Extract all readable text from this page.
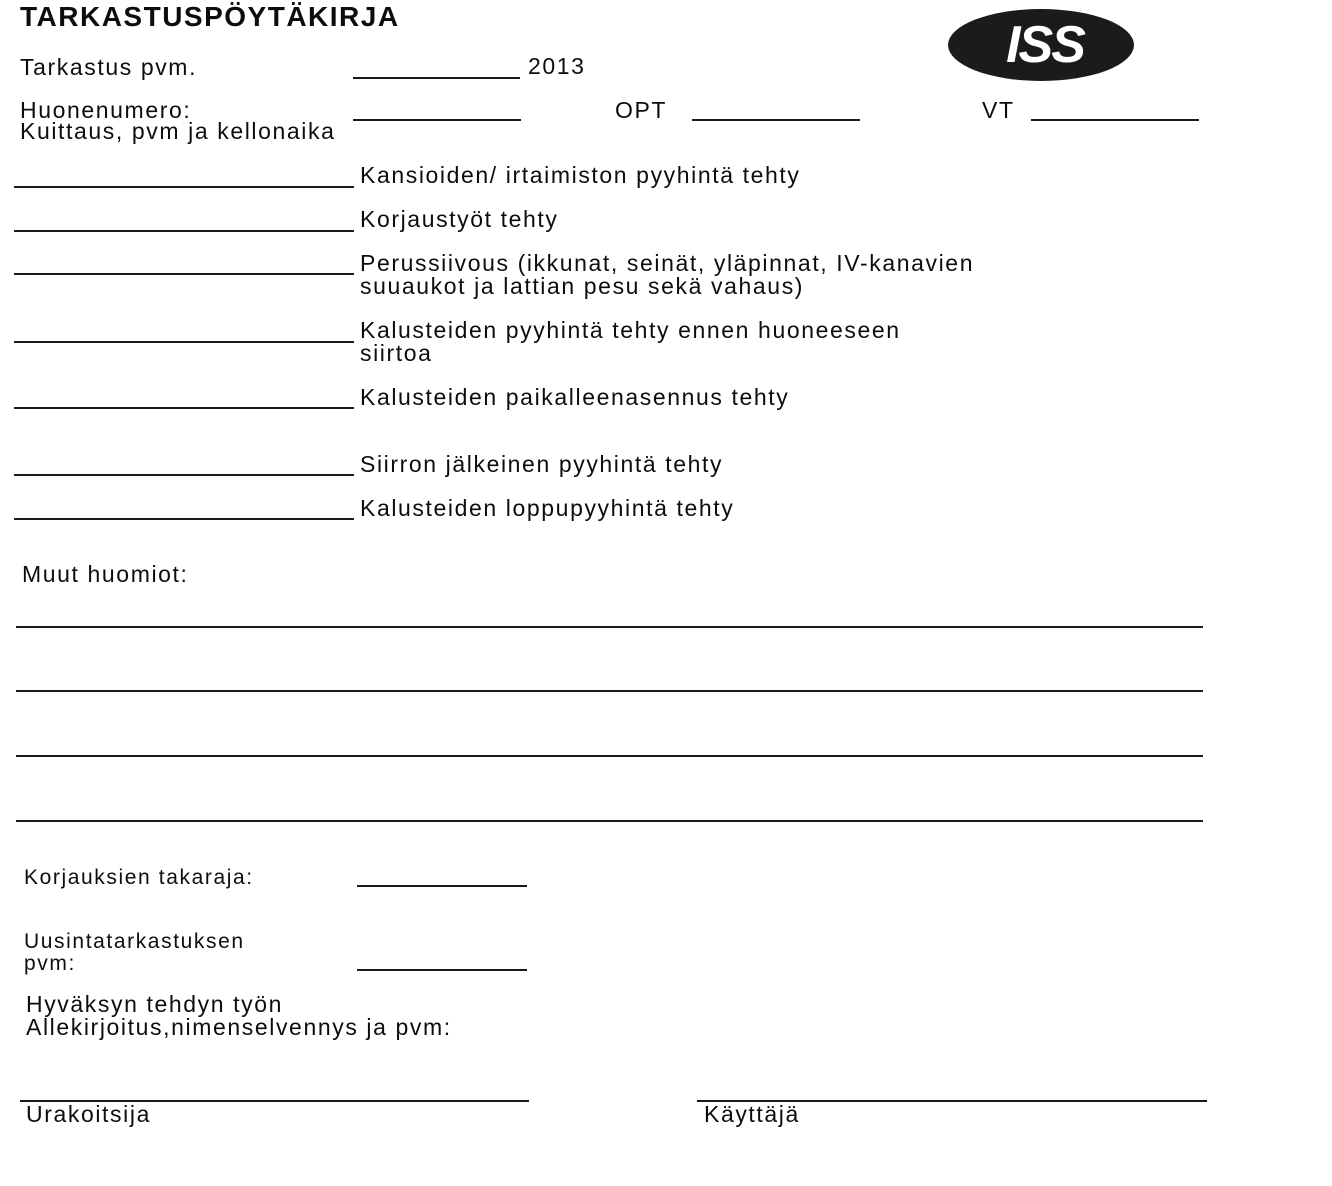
TARKASTUSPÖYTÄKIRJA	ISS
Tarkastus pvm.	2013
Huonenumero:	OPT	VT
Kuittaus, pvm ja kellonaika
Kansioiden/ irtaimiston pyyhintä tehty
Korjaustyöt tehty
Perussiivous (ikkunat, seinät, yläpinnat, IV-kanavien
suuaukot ja lattian pesu sekä vahaus)
Kalusteiden pyyhintä tehty ennen huoneeseen
siirtoa
Kalusteiden paikalleenasennus tehty
Siirron jälkeinen pyyhintä tehty
Kalusteiden loppupyyhintä tehty
Muut huomiot:
Korjauksien takaraja:
Uusintatarkastuksen
pvm:
Hyväksyn tehdyn työn
Allekirjoitus,nimenselvennys ja pvm:
Urakoitsija	Käyttäjä
